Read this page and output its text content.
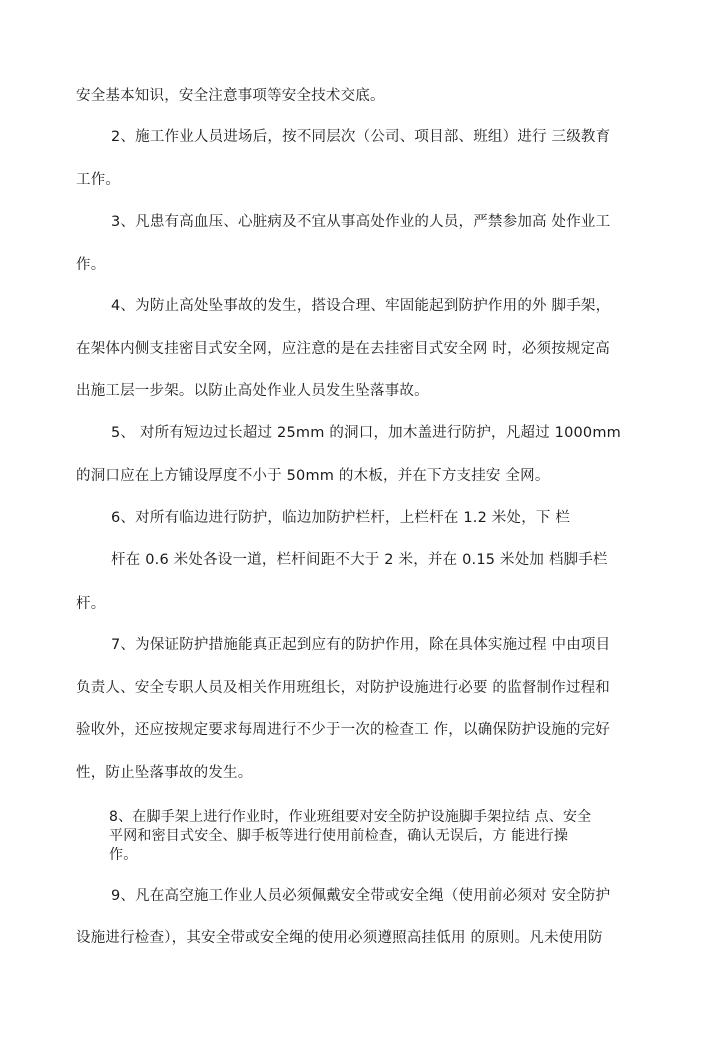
安全基本知识，安全注意事项等安全技术交底。
2、施工作业人员进场后，按不同层次（公司、项目部、班组）进行 三级教育
工作。
3、凡患有高血压、心脏病及不宜从事高处作业的人员，严禁参加高 处作业工
作。
4、为防止高处坠事故的发生，搭设合理、牢固能起到防护作用的外 脚手架，
在架体内侧支挂密目式安全网，应注意的是在去挂密目式安全网 时，必须按规定高
出施工层一步架。以防止高处作业人员发生坠落事故。
5、 对所有短边过长超过 25mm 的洞口，加木盖进行防护，凡超过 1000mm
的洞口应在上方铺设厚度不小于 50mm 的木板，并在下方支挂安 全网。
6、对所有临边进行防护，临边加防护栏杆，上栏杆在 1.2 米处，下 栏
杆在 0.6 米处各设一道，栏杆间距不大于 2 米，并在 0.15 米处加 档脚手栏
杆。
7、为保证防护措施能真正起到应有的防护作用，除在具体实施过程 中由项目
负责人、安全专职人员及相关作用班组长，对防护设施进行必要 的监督制作过程和
验收外，还应按规定要求每周进行不少于一次的检查工 作，以确保防护设施的完好
性，防止坠落事故的发生。
8、在脚手架上进行作业时，作业班组要对安全防护设施脚手架拉结 点、安全
平网和密目式安全、脚手板等进行使用前检查，确认无误后，方 能进行操
作。
9、凡在高空施工作业人员必须佩戴安全带或安全绳（使用前必须对 安全防护
设施进行检查），其安全带或安全绳的使用必须遵照高挂低用 的原则。凡未使用防
